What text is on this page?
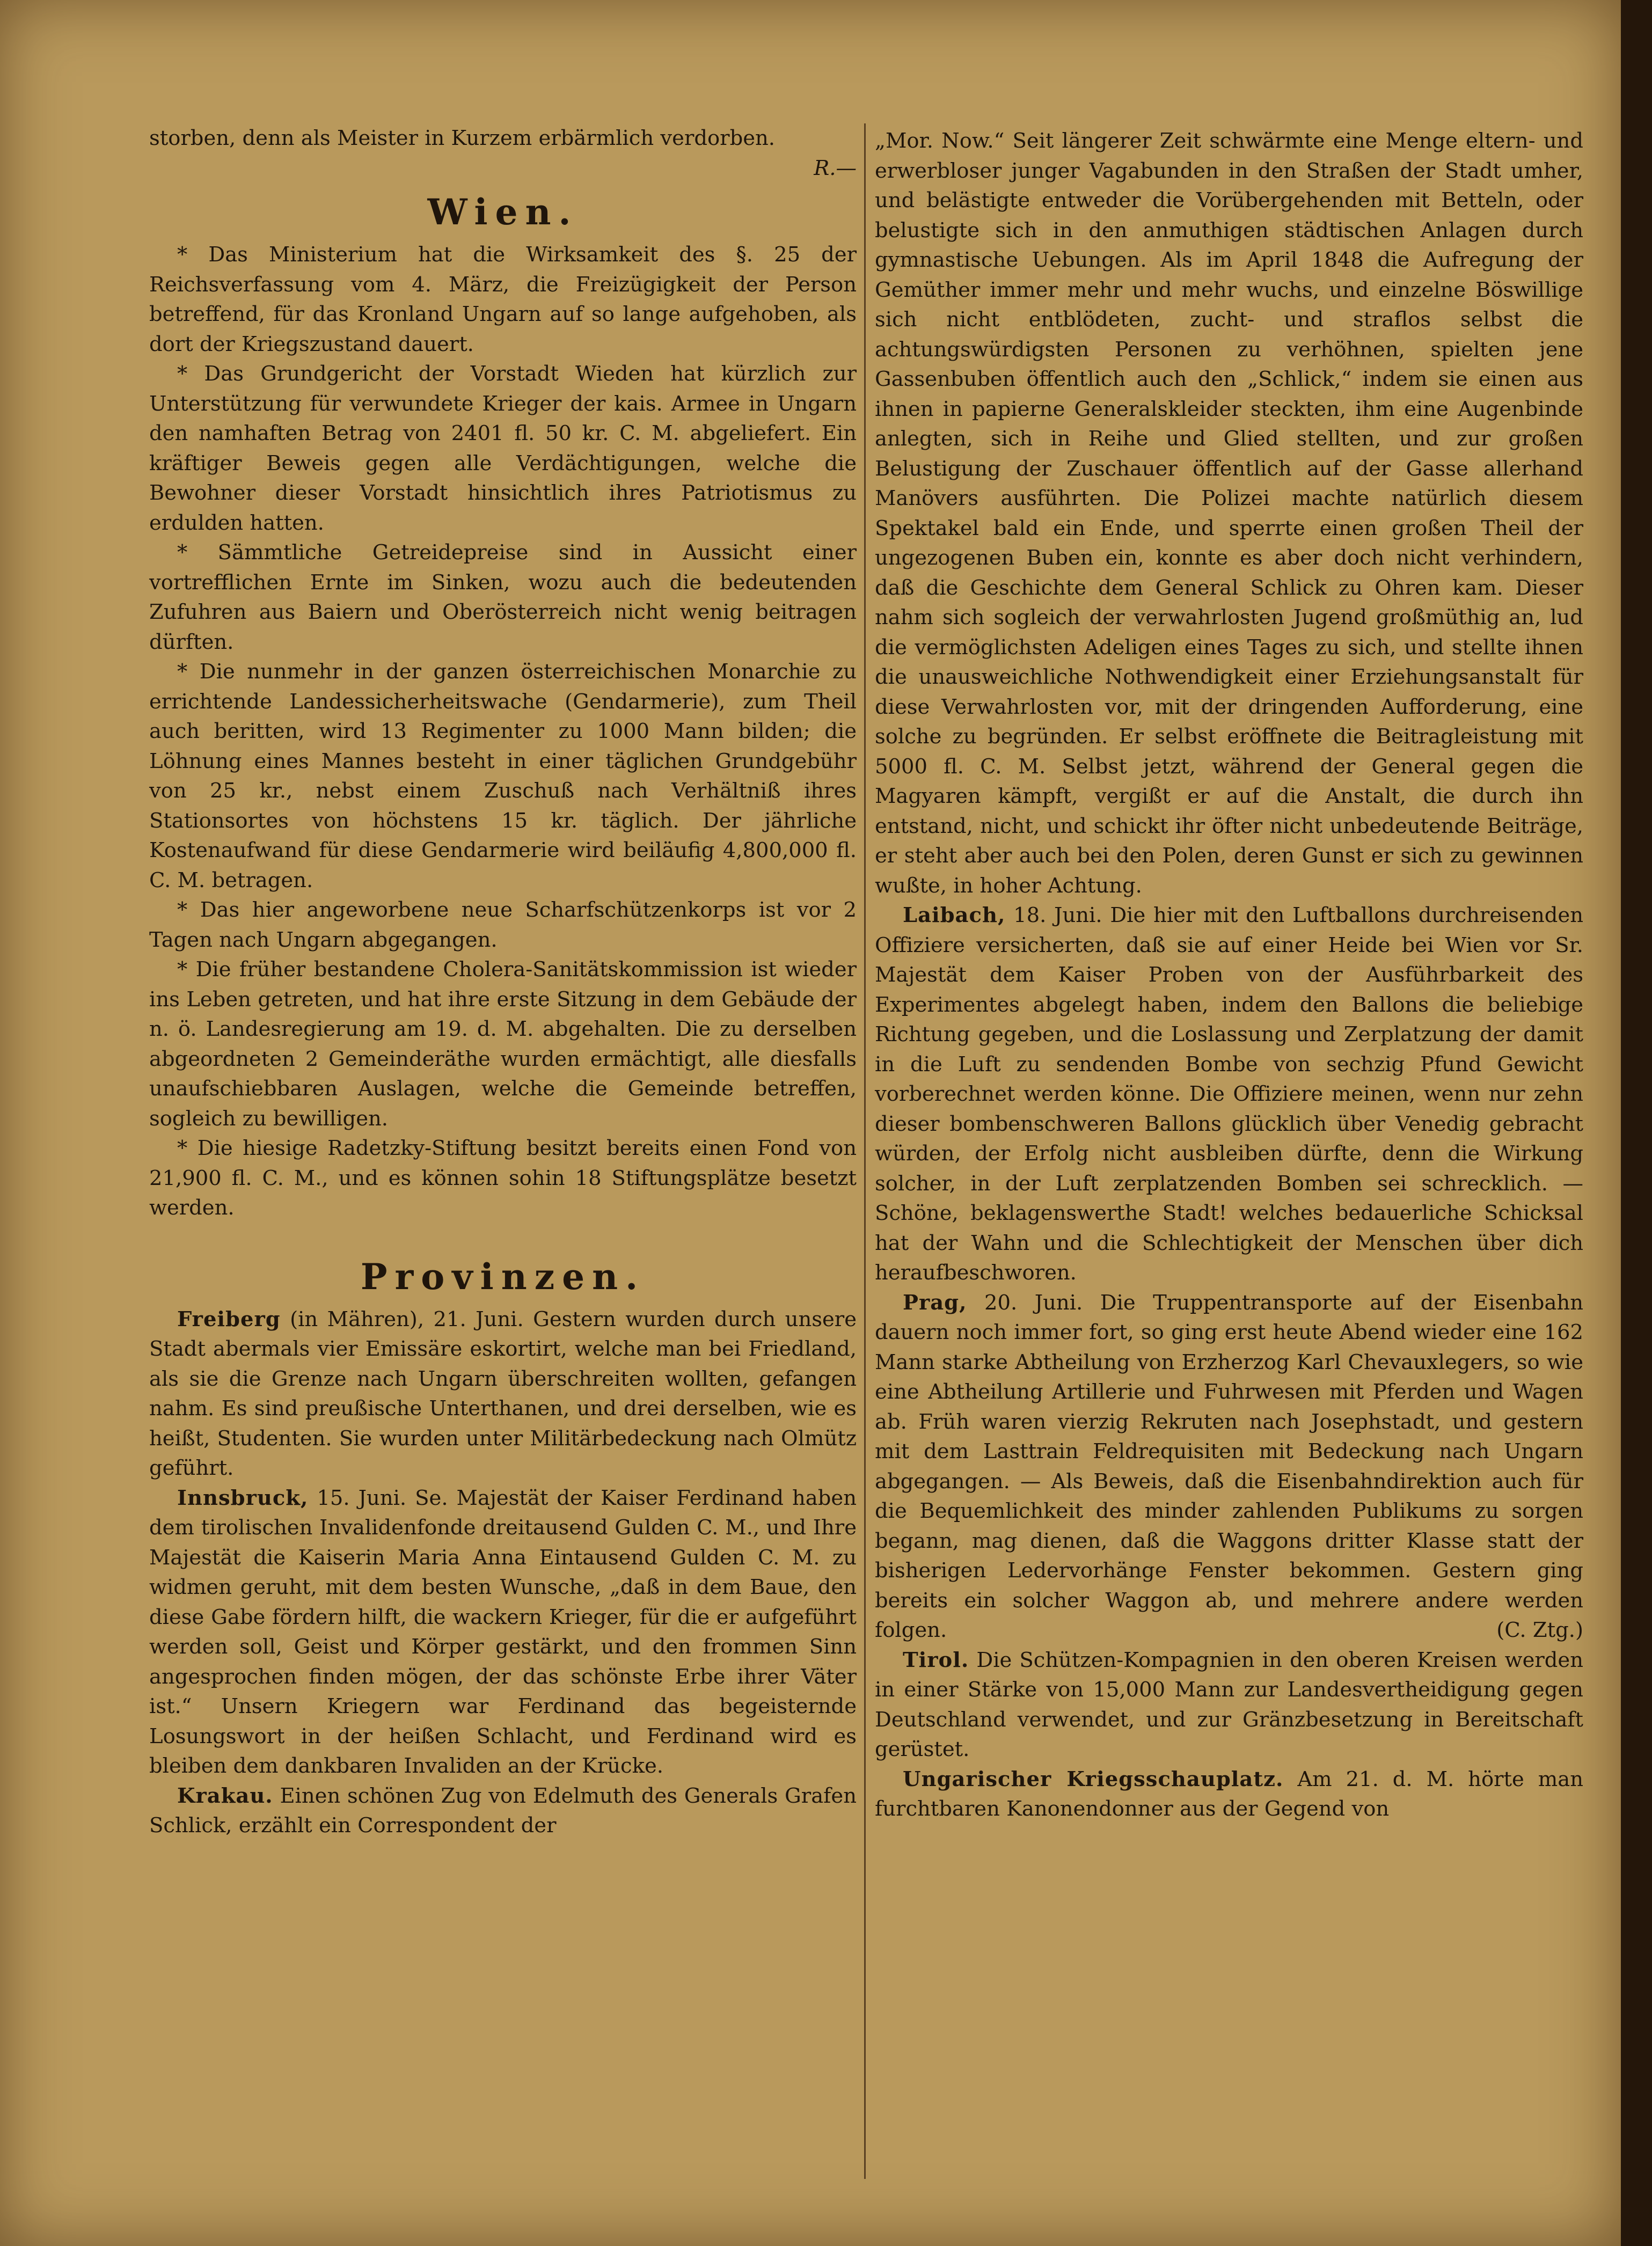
storben, denn als Meister in Kurzem erbärmlich verdorben.

R.—
Wien.

* Das Ministerium hat die Wirksamkeit des §. 25 der Reichsverfassung vom 4. März, die Freizügigkeit der Person betreffend, für das Kronland Ungarn auf so lange aufgehoben, als dort der Kriegszustand dauert.

* Das Grundgericht der Vorstadt Wieden hat kürzlich zur Unterstützung für verwundete Krieger der kais. Armee in Ungarn den namhaften Betrag von 2401 fl. 50 kr. C. M. abgeliefert. Ein kräftiger Beweis gegen alle Verdächtigungen, welche die Bewohner dieser Vorstadt hinsichtlich ihres Patriotismus zu erdulden hatten.

* Sämmtliche Getreidepreise sind in Aussicht einer vortrefflichen Ernte im Sinken, wozu auch die bedeutenden Zufuhren aus Baiern und Oberösterreich nicht wenig beitragen dürften.

* Die nunmehr in der ganzen österreichischen Monarchie zu errichtende Landessicherheitswache (Gendarmerie), zum Theil auch beritten, wird 13 Regimenter zu 1000 Mann bilden; die Löhnung eines Mannes besteht in einer täglichen Grundgebühr von 25 kr., nebst einem Zuschuß nach Verhältniß ihres Stationsortes von höchstens 15 kr. täglich. Der jährliche Kostenaufwand für diese Gendarmerie wird beiläufig 4,800,000 fl. C. M. betragen.

* Das hier angeworbene neue Scharfschützenkorps ist vor 2 Tagen nach Ungarn abgegangen.

* Die früher bestandene Cholera-Sanitätskommission ist wieder ins Leben getreten, und hat ihre erste Sitzung in dem Gebäude der n. ö. Landesregierung am 19. d. M. abgehalten. Die zu derselben abgeordneten 2 Gemeinderäthe wurden ermächtigt, alle diesfalls unaufschiebbaren Auslagen, welche die Gemeinde betreffen, sogleich zu bewilligen.

* Die hiesige Radetzky-Stiftung besitzt bereits einen Fond von 21,900 fl. C. M., und es können sohin 18 Stiftungsplätze besetzt werden.

Provinzen.

Freiberg (in Mähren), 21. Juni. Gestern wurden durch unsere Stadt abermals vier Emissäre eskortirt, welche man bei Friedland, als sie die Grenze nach Ungarn überschreiten wollten, gefangen nahm. Es sind preußische Unterthanen, und drei derselben, wie es heißt, Studenten. Sie wurden unter Militärbedeckung nach Olmütz geführt.

Innsbruck, 15. Juni. Se. Majestät der Kaiser Ferdinand haben dem tirolischen Invalidenfonde dreitausend Gulden C. M., und Ihre Majestät die Kaiserin Maria Anna Eintausend Gulden C. M. zu widmen geruht, mit dem besten Wunsche, „daß in dem Baue, den diese Gabe fördern hilft, die wackern Krieger, für die er aufgeführt werden soll, Geist und Körper gestärkt, und den frommen Sinn angesprochen finden mögen, der das schönste Erbe ihrer Väter ist.“ Unsern Kriegern war Ferdinand das begeisternde Losungswort in der heißen Schlacht, und Ferdinand wird es bleiben dem dankbaren Invaliden an der Krücke.

Krakau. Einen schönen Zug von Edelmuth des Generals Grafen Schlick, erzählt ein Correspondent der

„Mor. Now.“ Seit längerer Zeit schwärmte eine Menge eltern- und erwerbloser junger Vagabunden in den Straßen der Stadt umher, und belästigte entweder die Vorübergehenden mit Betteln, oder belustigte sich in den anmuthigen städtischen Anlagen durch gymnastische Uebungen. Als im April 1848 die Aufregung der Gemüther immer mehr und mehr wuchs, und einzelne Böswillige sich nicht entblödeten, zucht- und straflos selbst die achtungswürdigsten Personen zu verhöhnen, spielten jene Gassenbuben öffentlich auch den „Schlick,“ indem sie einen aus ihnen in papierne Generalskleider steckten, ihm eine Augenbinde anlegten, sich in Reihe und Glied stellten, und zur großen Belustigung der Zuschauer öffentlich auf der Gasse allerhand Manövers ausführten. Die Polizei machte natürlich diesem Spektakel bald ein Ende, und sperrte einen großen Theil der ungezogenen Buben ein, konnte es aber doch nicht verhindern, daß die Geschichte dem General Schlick zu Ohren kam. Dieser nahm sich sogleich der verwahrlosten Jugend großmüthig an, lud die vermöglichsten Adeligen eines Tages zu sich, und stellte ihnen die unausweichliche Nothwendigkeit einer Erziehungsanstalt für diese Verwahrlosten vor, mit der dringenden Aufforderung, eine solche zu begründen. Er selbst eröffnete die Beitragleistung mit 5000 fl. C. M. Selbst jetzt, während der General gegen die Magyaren kämpft, vergißt er auf die Anstalt, die durch ihn entstand, nicht, und schickt ihr öfter nicht unbedeutende Beiträge, er steht aber auch bei den Polen, deren Gunst er sich zu gewinnen wußte, in hoher Achtung.

Laibach, 18. Juni. Die hier mit den Luftballons durchreisenden Offiziere versicherten, daß sie auf einer Heide bei Wien vor Sr. Majestät dem Kaiser Proben von der Ausführbarkeit des Experimentes abgelegt haben, indem den Ballons die beliebige Richtung gegeben, und die Loslassung und Zerplatzung der damit in die Luft zu sendenden Bombe von sechzig Pfund Gewicht vorberechnet werden könne. Die Offiziere meinen, wenn nur zehn dieser bombenschweren Ballons glücklich über Venedig gebracht würden, der Erfolg nicht ausbleiben dürfte, denn die Wirkung solcher, in der Luft zerplatzenden Bomben sei schrecklich. — Schöne, beklagenswerthe Stadt! welches bedauerliche Schicksal hat der Wahn und die Schlechtigkeit der Menschen über dich heraufbeschworen.

Prag, 20. Juni. Die Truppentransporte auf der Eisenbahn dauern noch immer fort, so ging erst heute Abend wieder eine 162 Mann starke Abtheilung von Erzherzog Karl Chevauxlegers, so wie eine Abtheilung Artillerie und Fuhrwesen mit Pferden und Wagen ab. Früh waren vierzig Rekruten nach Josephstadt, und gestern mit dem Lasttrain Feldrequisiten mit Bedeckung nach Ungarn abgegangen. — Als Beweis, daß die Eisenbahndirektion auch für die Bequemlichkeit des minder zahlenden Publikums zu sorgen begann, mag dienen, daß die Waggons dritter Klasse statt der bisherigen Ledervorhänge Fenster bekommen. Gestern ging bereits ein solcher Waggon ab, und mehrere andere werden folgen.	(C. Ztg.)

Tirol. Die Schützen-Kompagnien in den oberen Kreisen werden in einer Stärke von 15,000 Mann zur Landesvertheidigung gegen Deutschland verwendet, und zur Gränzbesetzung in Bereitschaft gerüstet.

Ungarischer Kriegsschauplatz. Am 21. d. M. hörte man furchtbaren Kanonendonner aus der Gegend von
